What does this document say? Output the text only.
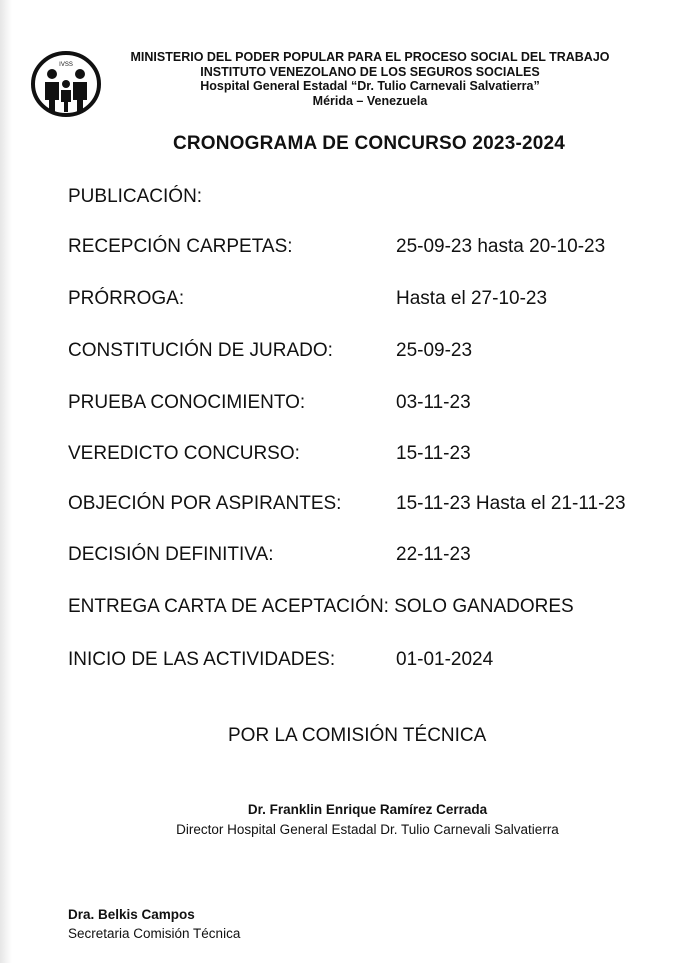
IVSS
MINISTERIO DEL PODER POPULAR PARA EL PROCESO SOCIAL DEL TRABAJO
INSTITUTO VENEZOLANO DE LOS SEGUROS SOCIALES
Hospital General Estadal “Dr. Tulio Carnevali Salvatierra”
Mérida – Venezuela
CRONOGRAMA DE CONCURSO 2023-2024
PUBLICACIÓN:
RECEPCIÓN CARPETAS:	25-09-23 hasta 20-10-23
PRÓRROGA:	Hasta el 27-10-23
CONSTITUCIÓN DE JURADO:	25-09-23
PRUEBA CONOCIMIENTO:	03-11-23
VEREDICTO CONCURSO:	15-11-23
OBJECIÓN POR ASPIRANTES:	15-11-23 Hasta el 21-11-23
DECISIÓN DEFINITIVA:	22-11-23
ENTREGA CARTA DE ACEPTACIÓN: SOLO GANADORES
INICIO DE LAS ACTIVIDADES:	01-01-2024
POR LA COMISIÓN TÉCNICA
Dr. Franklin Enrique Ramírez Cerrada
Director Hospital General Estadal Dr. Tulio Carnevali Salvatierra
Dra. Belkis Campos
Secretaria Comisión Técnica
